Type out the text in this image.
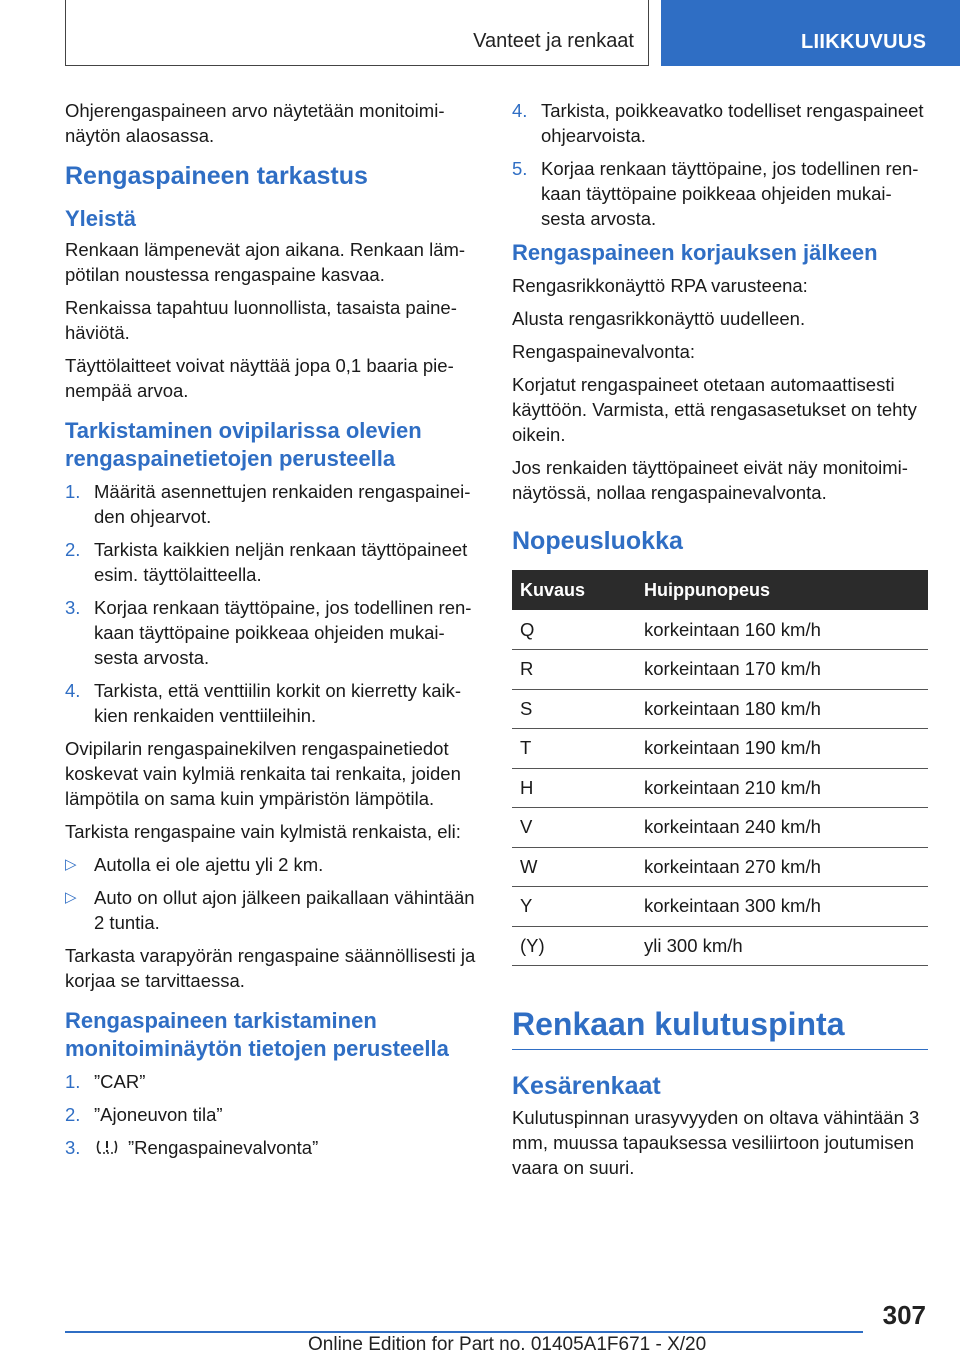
Vanteet ja renkaat	LIIKKUVUUS

Ohjerengaspaineen arvo näytetään monitoiminäytön alaosassa.

Rengaspaineen tarkastus
Yleistä

Renkaan lämpenevät ajon aikana. Renkaan lämpötilan noustessa rengaspaine kasvaa.

Renkaissa tapahtuu luonnollista, tasaista painehäviötä.

Täyttölaitteet voivat näyttää jopa 0,1 baaria pienempää arvoa.

Tarkistaminen ovipilarissa olevien rengaspainetietojen perusteella
1. Määritä asennettujen renkaiden rengaspaineiden ohjearvot.
2. Tarkista kaikkien neljän renkaan täyttöpaineet esim. täyttölaitteella.
3. Korjaa renkaan täyttöpaine, jos todellinen renkaan täyttöpaine poikkeaa ohjeiden mukaisesta arvosta.
4. Tarkista, että venttiilin korkit on kierretty kaikkien renkaiden venttiileihin.

Ovipilarin rengaspainekilven rengaspainetiedot koskevat vain kylmiä renkaita tai renkaita, joiden lämpötila on sama kuin ympäristön lämpötila.

Tarkista rengaspaine vain kylmistä renkaista, eli:

▷ Autolla ei ole ajettu yli 2 km.
▷ Auto on ollut ajon jälkeen paikallaan vähintään 2 tuntia.

Tarkasta varapyörän rengaspaine säännöllisesti ja korjaa se tarvittaessa.

Rengaspaineen tarkistaminen monitoiminäytön tietojen perusteella
1. ”CAR”
2. ”Ajoneuvon tila”
3.	”Rengaspainevalvonta”
4. Tarkista, poikkeavatko todelliset rengaspaineet ohjearvoista.
5. Korjaa renkaan täyttöpaine, jos todellinen renkaan täyttöpaine poikkeaa ohjeiden mukaisesta arvosta.
Rengaspaineen korjauksen jälkeen

Rengasrikkonäyttö RPA varusteena:

Alusta rengasrikkonäyttö uudelleen.

Rengaspainevalvonta:

Korjatut rengaspaineet otetaan automaattisesti käyttöön. Varmista, että rengasasetukset on tehty oikein.

Jos renkaiden täyttöpaineet eivät näy monitoiminäytössä, nollaa rengaspainevalvonta.

Nopeusluokka
Kuvaus	Huippunopeus
Q	korkeintaan 160 km/h
R	korkeintaan 170 km/h
S	korkeintaan 180 km/h
T	korkeintaan 190 km/h
H	korkeintaan 210 km/h
V	korkeintaan 240 km/h
W	korkeintaan 270 km/h
Y	korkeintaan 300 km/h
(Y)	yli 300 km/h
Renkaan kulutuspinta
Kesärenkaat

Kulutuspinnan urasyvyyden on oltava vähintään 3 mm, muussa tapauksessa vesiliirtoon joutumisen vaara on suuri.

307
Online Edition for Part no. 01405A1F671 - X/20
